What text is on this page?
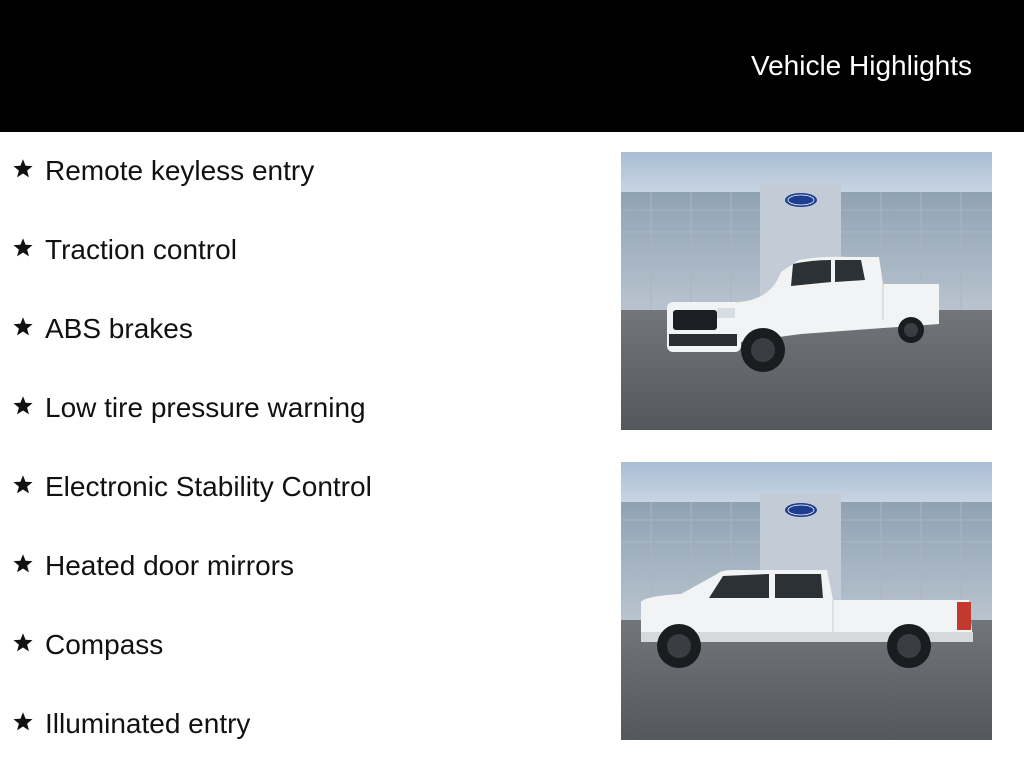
Vehicle Highlights
Remote keyless entry
Traction control
ABS brakes
Low tire pressure warning
Electronic Stability Control
Heated door mirrors
Compass
Illuminated entry
